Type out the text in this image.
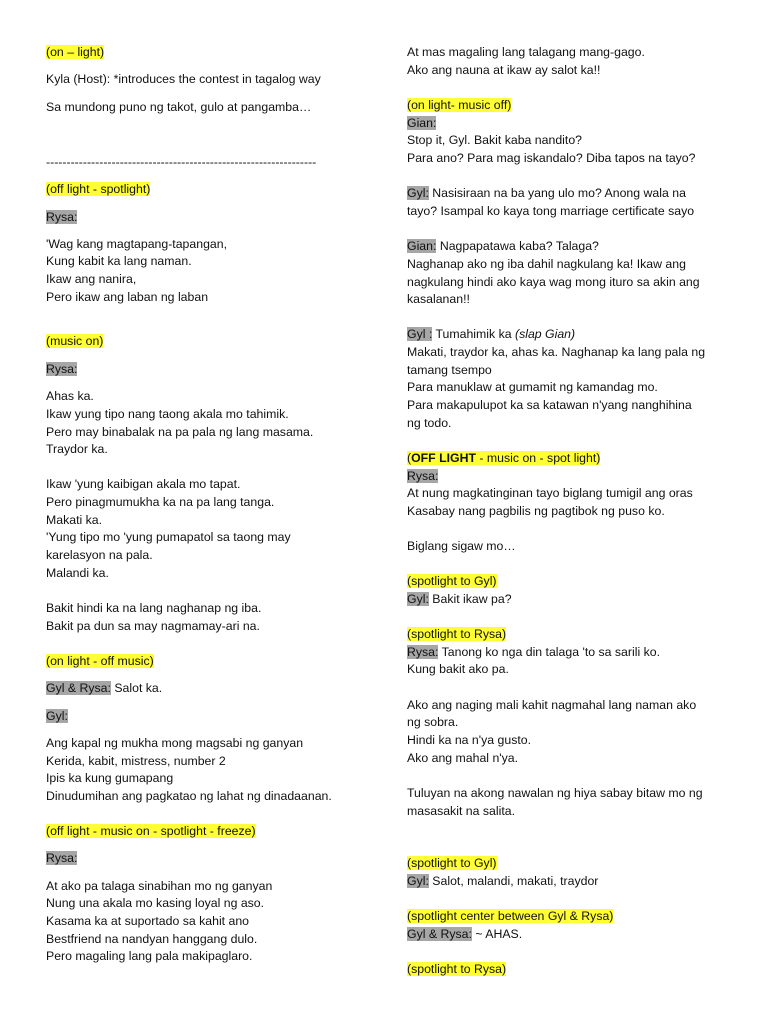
(on – light)
Kyla (Host): *introduces the contest in tagalog way
Sa mundong puno ng takot, gulo at pangamba…
------------------------------------------------------------------
(off light - spotlight)
Rysa:
'Wag kang magtapang-tapangan,
Kung kabit ka lang naman.
Ikaw ang nanira,
Pero ikaw ang laban ng laban
(music on)
Rysa:
Ahas ka.
Ikaw yung tipo nang taong akala mo tahimik.
Pero may binabalak na pa pala ng lang masama.
Traydor ka.
Ikaw 'yung kaibigan akala mo tapat.
Pero pinagmumukha ka na pa lang tanga.
Makati ka.
'Yung tipo mo 'yung pumapatol sa taong may
karelasyon na pala.
Malandi ka.
Bakit hindi ka na lang naghanap ng iba.
Bakit pa dun sa may nagmamay-ari na.
(on light - off music)
Gyl & Rysa: Salot ka.
Gyl:
Ang kapal ng mukha mong magsabi ng ganyan
Kerida, kabit, mistress, number 2
Ipis ka kung gumapang
Dinudumihan ang pagkatao ng lahat ng dinadaanan.
(off light - music on - spotlight - freeze)
Rysa:
At ako pa talaga sinabihan mo ng ganyan
Nung una akala mo kasing loyal ng aso.
Kasama ka at suportado sa kahit ano
Bestfriend na nandyan hanggang dulo.
Pero magaling lang pala makipaglaro.
At mas magaling lang talagang mang-gago.
Ako ang nauna at ikaw ay salot ka!!
(on light- music off)
Gian:
Stop it, Gyl. Bakit kaba nandito?
Para ano? Para mag iskandalo? Diba tapos na tayo?
Gyl: Nasisiraan na ba yang ulo mo? Anong wala na
tayo? Isampal ko kaya tong marriage certificate sayo
Gian: Nagpapatawa kaba? Talaga?
Naghanap ako ng iba dahil nagkulang ka! Ikaw ang
nagkulang hindi ako kaya wag mong ituro sa akin ang
kasalanan!!
Gyl : Tumahimik ka (slap Gian)
Makati, traydor ka, ahas ka. Naghanap ka lang pala ng
tamang tsempo
Para manuklaw at gumamit ng kamandag mo.
Para makapulupot ka sa katawan n'yang nanghihina
ng todo.
(OFF LIGHT - music on - spot light)
Rysa:
At nung magkatinginan tayo biglang tumigil ang oras
Kasabay nang pagbilis ng pagtibok ng puso ko.
Biglang sigaw mo…
(spotlight to Gyl)
Gyl: Bakit ikaw pa?
(spotlight to Rysa)
Rysa: Tanong ko nga din talaga 'to sa sarili ko.
Kung bakit ako pa.
Ako ang naging mali kahit nagmahal lang naman ako
ng sobra.
Hindi ka na n'ya gusto.
Ako ang mahal n'ya.
Tuluyan na akong nawalan ng hiya sabay bitaw mo ng
masasakit na salita.
(spotlight to Gyl)
Gyl: Salot, malandi, makati, traydor
(spotlight center between Gyl & Rysa)
Gyl & Rysa: ~ AHAS.
(spotlight to Rysa)
